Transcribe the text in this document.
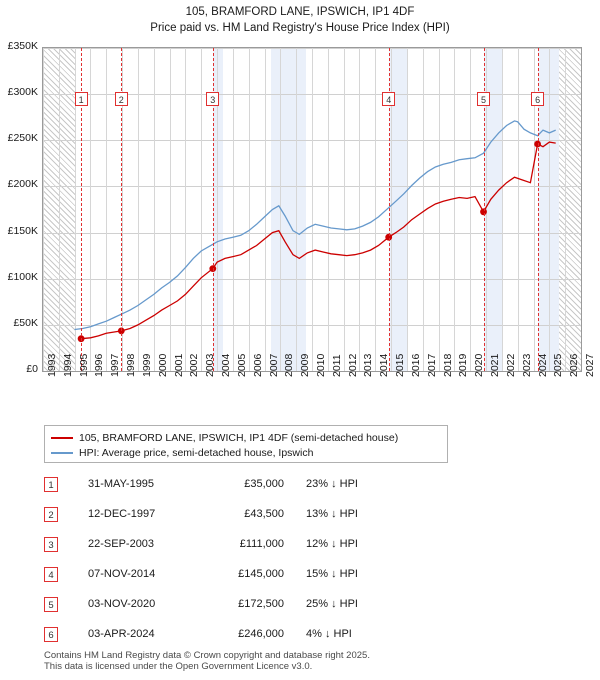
105, BRAMFORD LANE, IPSWICH, IP1 4DF
Price paid vs. HM Land Registry's House Price Index (HPI)
1	2	3	4	5	6
£0
£50K
£100K
£150K
£200K
£250K
£300K
£350K
1993 1994 1995 1996 1997 1998 1999 2000 2001 2002 2003 2004 2005 2006 2007 2008 2009 2010 2011 2012 2013 2014 2015 2016 2017 2018 2019 2020 2021 2022 2023 2024 2025 2026 2027
105, BRAMFORD LANE, IPSWICH, IP1 4DF (semi-detached house)
HPI: Average price, semi-detached house, Ipswich
1	31-MAY-1995	£35,000 23% ↓ HPI
2	12-DEC-1997	£43,500 13% ↓ HPI
3	22-SEP-2003	£111,000 12% ↓ HPI
4	07-NOV-2014	£145,000 15% ↓ HPI
5	03-NOV-2020	£172,500 25% ↓ HPI
6	03-APR-2024	£246,000 4% ↓ HPI
Contains HM Land Registry data © Crown copyright and database right 2025.
This data is licensed under the Open Government Licence v3.0.
